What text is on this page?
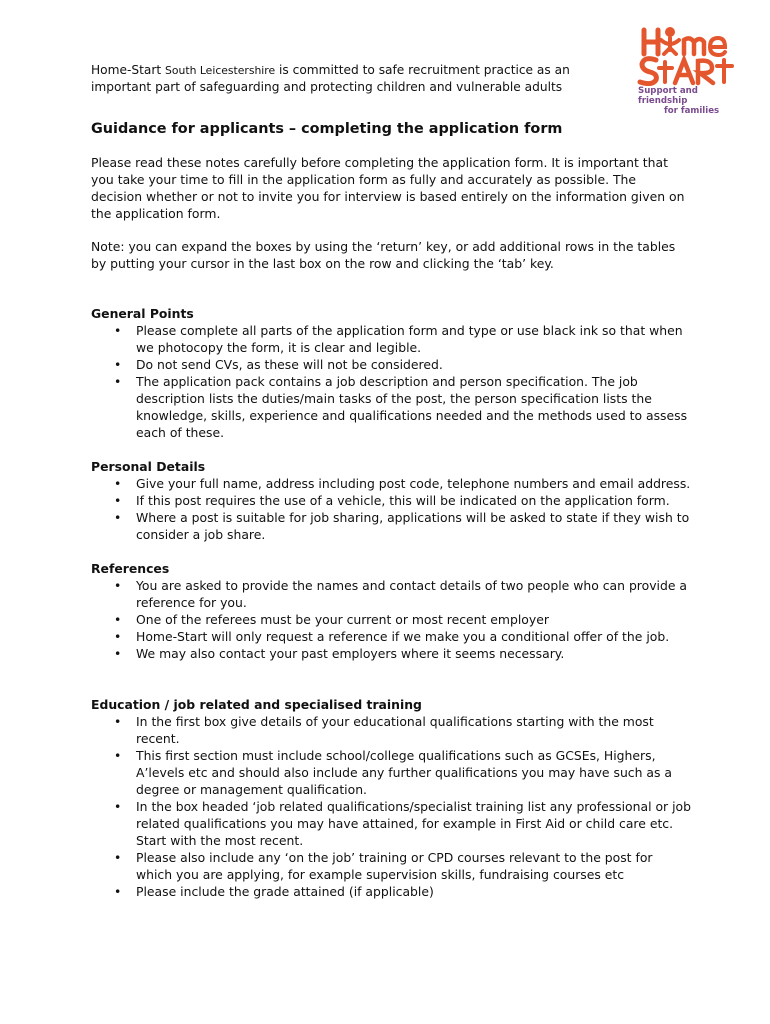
Home-Start South Leicestershire is committed to safe recruitment practice as an
important part of safeguarding and protecting children and vulnerable adults	Support and friendship
for families
Guidance for applicants – completing the application form

Please read these notes carefully before completing the application form. It is important that you take your time to fill in the application form as fully and accurately as possible. The decision whether or not to invite you for interview is based entirely on the information given on the application form.

Note: you can expand the boxes by using the ‘return’ key, or add additional rows in the tables by putting your cursor in the last box on the row and clicking the ‘tab’ key.

General Points

• Please complete all parts of the application form and type or use black ink so that when we photocopy the form, it is clear and legible.
• Do not send CVs, as these will not be considered.
• The application pack contains a job description and person specification. The job description lists the duties/main tasks of the post, the person specification lists the knowledge, skills, experience and qualifications needed and the methods used to assess each of these.

Personal Details

• Give your full name, address including post code, telephone numbers and email address.
• If this post requires the use of a vehicle, this will be indicated on the application form.
• Where a post is suitable for job sharing, applications will be asked to state if they wish to consider a job share.

References

• You are asked to provide the names and contact details of two people who can provide a reference for you.
• One of the referees must be your current or most recent employer
• Home-Start will only request a reference if we make you a conditional offer of the job.
• We may also contact your past employers where it seems necessary.

Education / job related and specialised training

• In the first box give details of your educational qualifications starting with the most recent.
• This first section must include school/college qualifications such as GCSEs, Highers, A’levels etc and should also include any further qualifications you may have such as a degree or management qualification.
• In the box headed ‘job related qualifications/specialist training list any professional or job related qualifications you may have attained, for example in First Aid or child care etc. Start with the most recent.
• Please also include any ‘on the job’ training or CPD courses relevant to the post for which you are applying, for example supervision skills, fundraising courses etc
• Please include the grade attained (if applicable)
